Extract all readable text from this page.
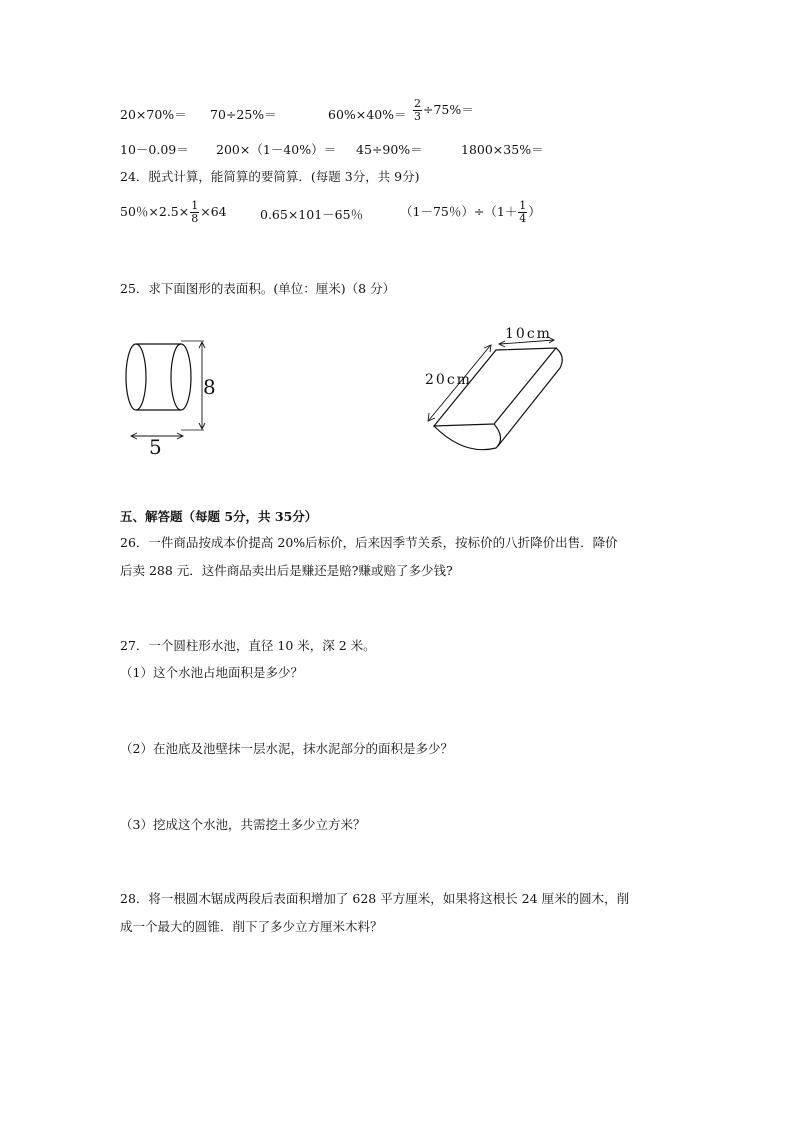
20×70%＝ 70÷25%＝	$60\%\times 40\%= \frac{2}{3} \div 75\%=$
10－0.09＝ 200×（1－40%）＝ 45÷90%＝	1800×35%＝
24．脱式计算，能简算的要简算．(每题 3分，共 9分)
50％$\times 2.5\times \frac{1}{8} \times 64$	0.65×101－65％	（1－75％）$\div(1+ \frac{1}{4}$ ）
25．求下面图形的表面积。(单位：厘米)（8 分）
8
5
10cm
20cm
五、解答题（每题 5分，共 35分）
26．一件商品按成本价提高 20%后标价，后来因季节关系，按标价的八折降价出售．降价
后卖 288 元．这件商品卖出后是赚还是赔?赚或赔了多少钱?
27．一个圆柱形水池，直径 10 米，深 2 米。
（1）这个水池占地面积是多少？
（2）在池底及池壁抹一层水泥，抹水泥部分的面积是多少？
（3）挖成这个水池，共需挖土多少立方米？
28．将一根圆木锯成两段后表面积增加了 628 平方厘米，如果将这根长 24 厘米的圆木，削
成一个最大的圆锥．削下了多少立方厘米木料？
